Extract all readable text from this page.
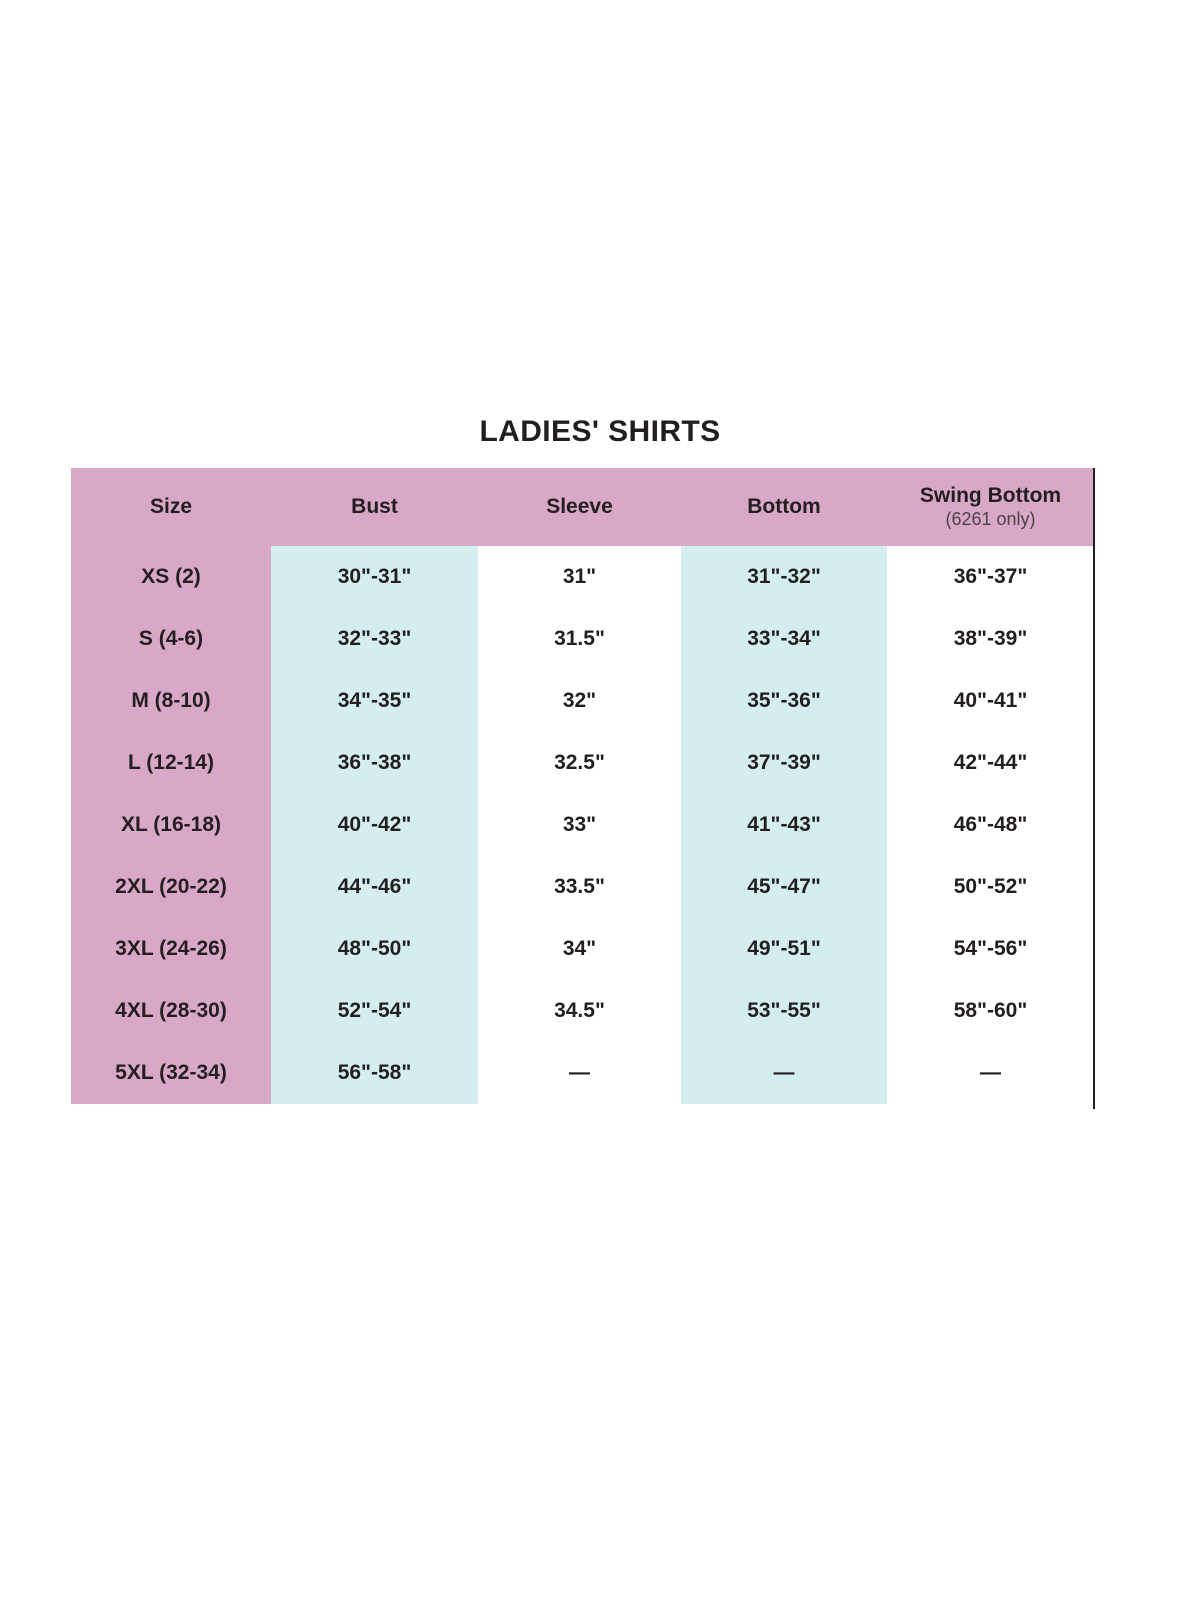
LADIES' SHIRTS
Size	Bust	Sleeve	Bottom	Swing Bottom
(6261 only)

XS (2)	30"-31"	31"	31"-32"	36"-37"
S (4-6)	32"-33"	31.5"	33"-34"	38"-39"
M (8-10)	34"-35"	32"	35"-36"	40"-41"
L (12-14)	36"-38"	32.5"	37"-39"	42"-44"
XL (16-18)	40"-42"	33"	41"-43"	46"-48"
2XL (20-22)	44"-46"	33.5"	45"-47"	50"-52"
3XL (24-26)	48"-50"	34"	49"-51"	54"-56"
4XL (28-30)	52"-54"	34.5"	53"-55"	58"-60"
5XL (32-34)	56"-58"	—	—	—
